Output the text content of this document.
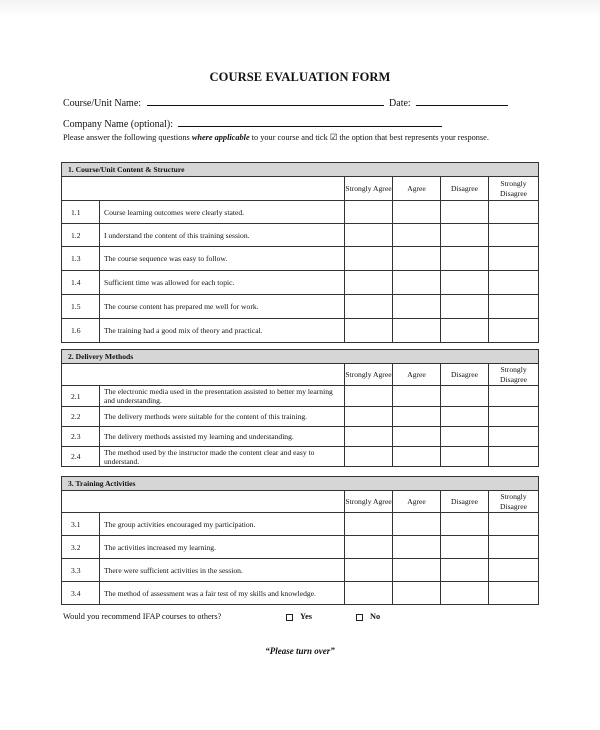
COURSE EVALUATION FORM
Course/Unit Name:	Date:
Company Name (optional):
Please answer the following questions where applicable to your course and tick ☑ the option that best represents your response.
1. Course/Unit Content & Structure					
		Strongly Agree	Agree	Disagree	Strongly Disagree
1.1	Course learning outcomes were clearly stated.				
1.2	I understand the content of this training session.				
1.3	The course sequence was easy to follow.				
1.4	Sufficient time was allowed for each topic.				
1.5	The course content has prepared me well for work.				
1.6	The training had a good mix of theory and practical.				
2. Delivery Methods					
		Strongly Agree	Agree	Disagree	Strongly Disagree
2.1	The electronic media used in the presentation assisted to better my learning and understanding.				
2.2	The delivery methods were suitable for the content of this training.				
2.3	The delivery methods assisted my learning and understanding.				
2.4	The method used by the instructor made the content clear and easy to understand.				
3. Training Activities					
		Strongly Agree	Agree	Disagree	Strongly Disagree
3.1	The group activities encouraged my participation.				
3.2	The activities increased my learning.				
3.3	There were sufficient activities in the session.				
3.4	The method of assessment was a fair test of my skills and knowledge.				
Would you recommend IFAP courses to others?	Yes	No
“Please turn over”
